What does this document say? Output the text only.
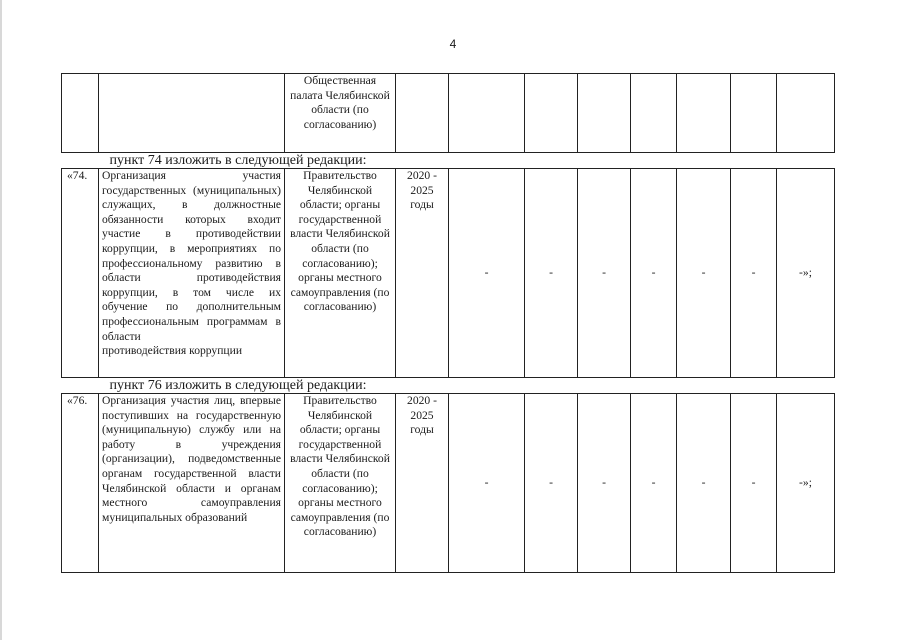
4
		Общественная палата Челябинской области (по согласованию)								
пункт 74 изложить в следующей редакции:										
«74.	Организация участия государственных (муниципальных) служащих, в должностные обязанности которых входит участие в противодействии коррупции, в мероприятиях по профессиональному развитию в области противодействия коррупции, в том числе их обучение по дополнительным профессиональным программам в области
противодействия коррупции	Правительство Челябинской области; органы государственной власти Челябинской области (по согласованию); органы местного самоуправления (по согласованию)	2020 - 2025 годы	-	-	-	-	-	-	-»;
пункт 76 изложить в следующей редакции:										
«76.	Организация участия лиц, впервые поступивших на государственную (муниципальную) службу или на работу в учреждения (организации), подведомственные органам государственной власти Челябинской области и органам местного самоуправления
муниципальных образований	Правительство Челябинской области; органы государственной власти Челябинской области (по согласованию); органы местного самоуправления (по согласованию)	2020 - 2025 годы	-	-	-	-	-	-	-»;
